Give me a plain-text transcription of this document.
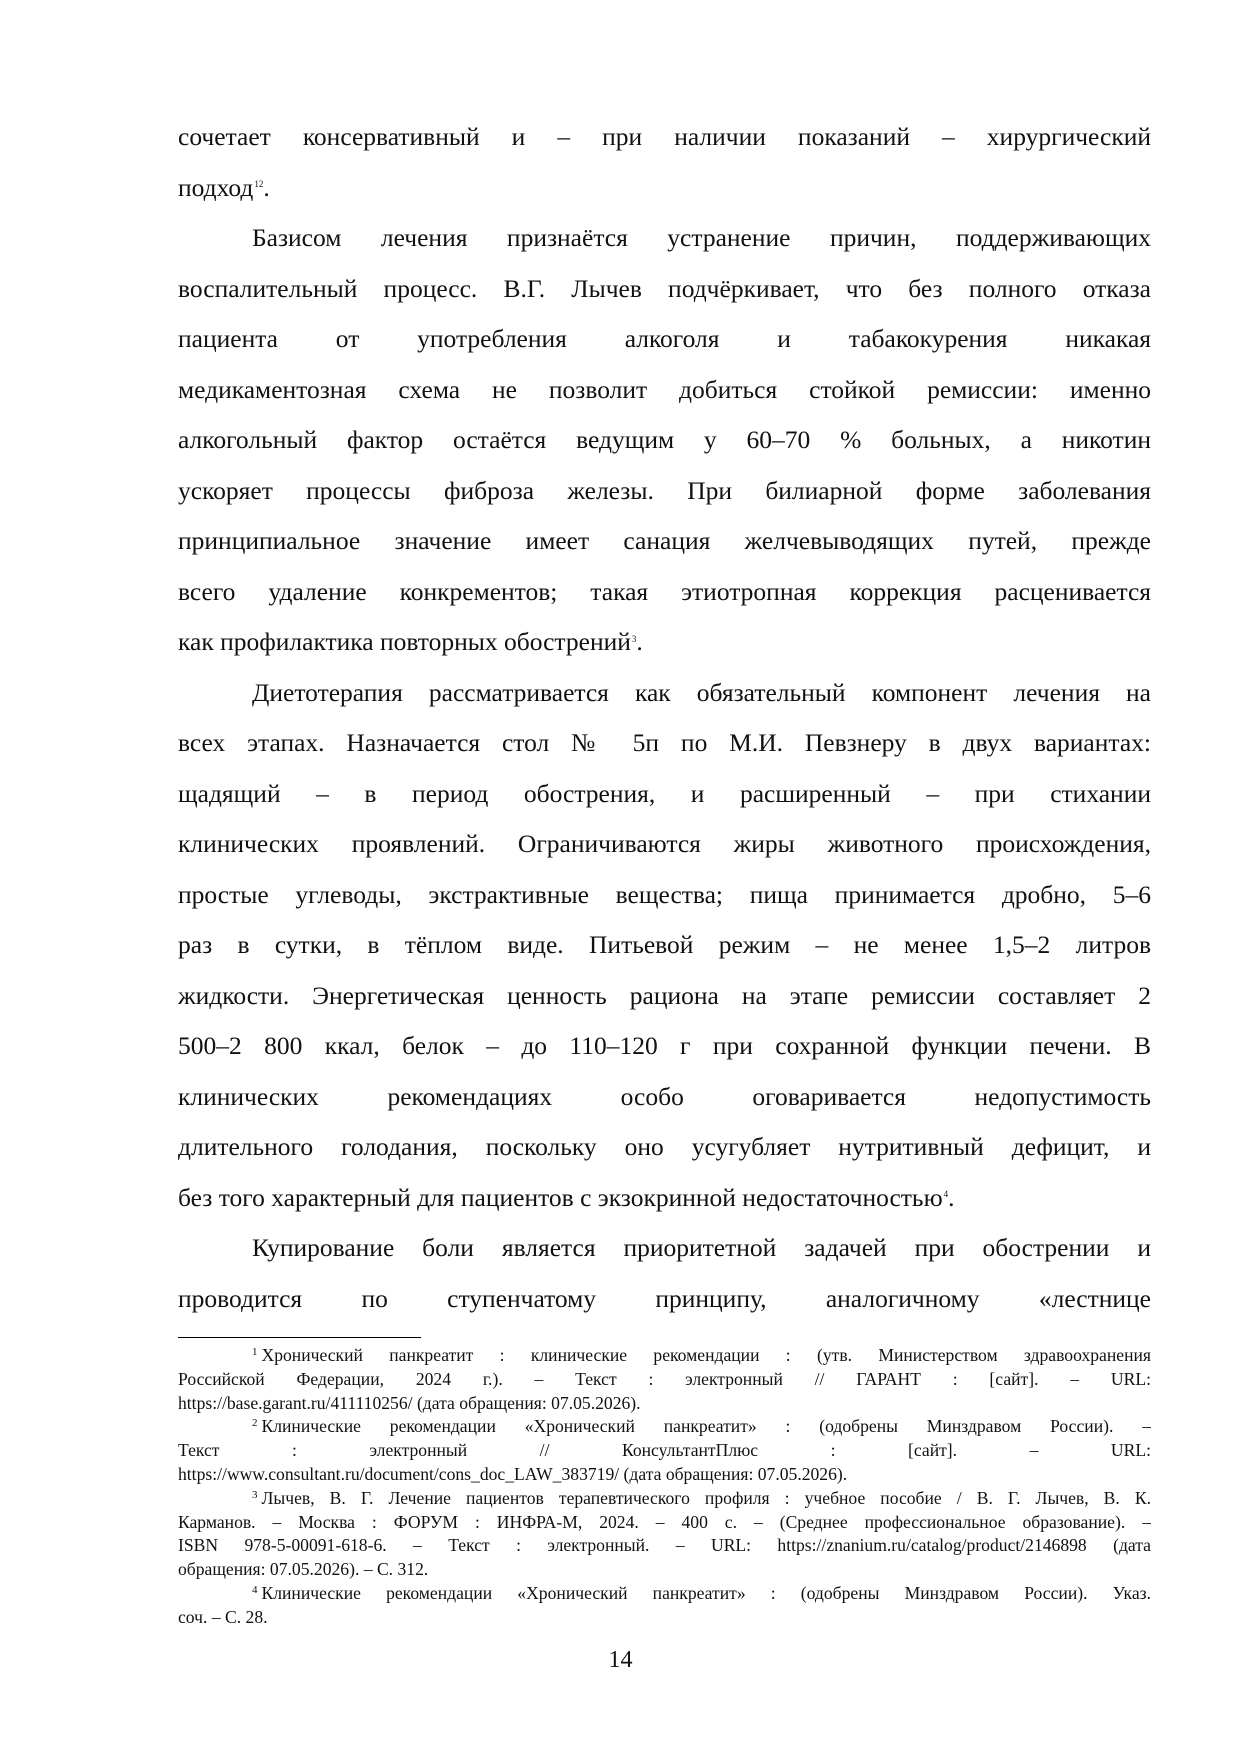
сочетает консервативный и – при наличии показаний – хирургический
подход$^{12}$.
Базисом лечения признаётся устранение причин, поддерживающих
воспалительный процесс. В.Г. Лычев подчёркивает, что без полного отказа
пациента от употребления алкоголя и табакокурения никакая
медикаментозная схема не позволит добиться стойкой ремиссии: именно
алкогольный фактор остаётся ведущим у 60–70 % больных, а никотин
ускоряет процессы фиброза железы. При билиарной форме заболевания
принципиальное значение имеет санация желчевыводящих путей, прежде
всего удаление конкрементов; такая этиотропная коррекция расценивается
как профилактика повторных обострений$^3$.
Диетотерапия рассматривается как обязательный компонент лечения на
всех этапах. Назначается стол № 5п по М.И. Певзнеру в двух вариантах:
щадящий – в период обострения, и расширенный – при стихании
клинических проявлений. Ограничиваются жиры животного происхождения,
простые углеводы, экстрактивные вещества; пища принимается дробно, 5–6
раз в сутки, в тёплом виде. Питьевой режим – не менее 1,5–2 литров
жидкости. Энергетическая ценность рациона на этапе ремиссии составляет 2
500–2 800 ккал, белок – до 110–120 г при сохранной функции печени. В
клинических рекомендациях особо оговаривается недопустимость
длительного голодания, поскольку оно усугубляет нутритивный дефицит, и
без того характерный для пациентов с экзокринной недостаточностью$^4$.
Купирование боли является приоритетной задачей при обострении и
проводится по ступенчатому принципу, аналогичному «лестнице
$^1$ Хронический панкреатит : клинические рекомендации : (утв. Министерством здравоохранения
Российской Федерации, 2024 г.). – Текст : электронный // ГАРАНТ : [сайт]. – URL:
https://base.garant.ru/411110256/ (дата обращения: 07.05.2026).
$^2$ Клинические рекомендации «Хронический панкреатит» : (одобрены Минздравом России). –
Текст : электронный // КонсультантПлюс : [сайт]. – URL:
https://www.consultant.ru/document/cons_doc_LAW_383719/ (дата обращения: 07.05.2026).
$^3$ Лычев, В. Г. Лечение пациентов терапевтического профиля : учебное пособие / В. Г. Лычев, В. К.
Карманов. – Москва : ФОРУМ : ИНФРА-М, 2024. – 400 с. – (Среднее профессиональное образование). –
ISBN 978-5-00091-618-6. – Текст : электронный. – URL: https://znanium.ru/catalog/product/2146898 (дата
обращения: 07.05.2026). – С. 312.
$^4$ Клинические рекомендации «Хронический панкреатит» : (одобрены Минздравом России). Указ.
соч. – С. 28.
14
